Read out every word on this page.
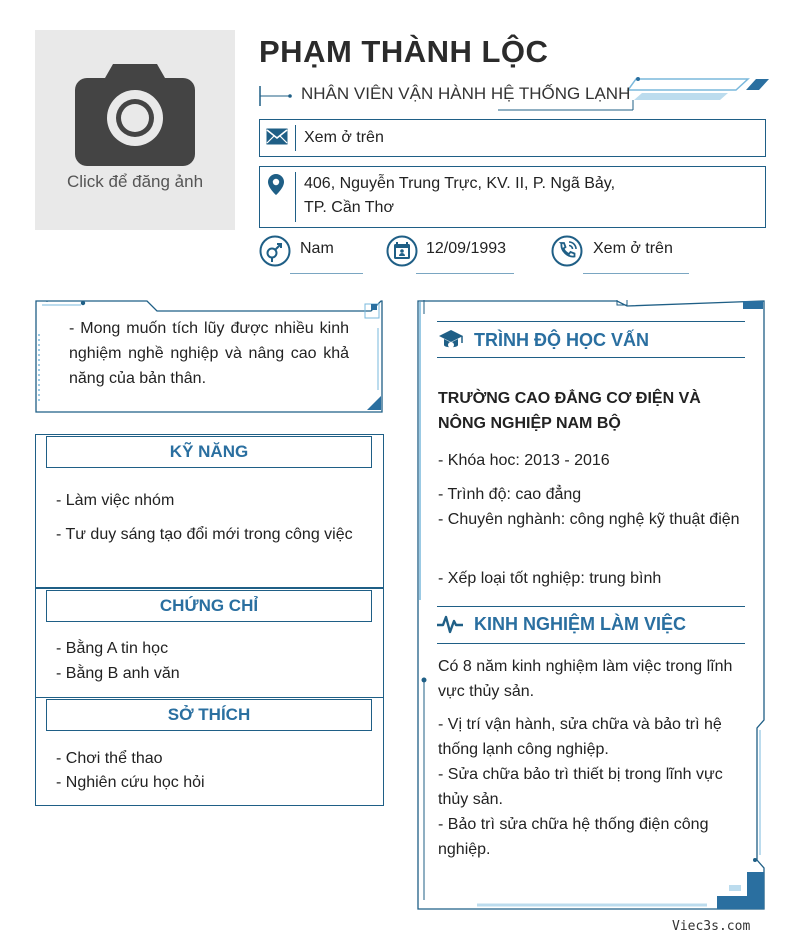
Click để đăng ảnh
PHẠM THÀNH LỘC
NHÂN VIÊN VẬN HÀNH HỆ THỐNG LẠNH
Xem ở trên
406, Nguyễn Trung Trực, KV. II, P. Ngã Bảy,
TP. Cần Thơ
Nam	12/09/1993	Xem ở trên
- Mong muốn tích lũy được nhiều kinh nghiệm nghề nghiệp và nâng cao khả năng của bản thân.
KỸ NĂNG
- Làm việc nhóm
- Tư duy sáng tạo đổi mới trong công việc
CHỨNG CHỈ
- Bằng A tin học
- Bằng B anh văn
SỞ THÍCH
- Chơi thể thao
- Nghiên cứu học hỏi
TRÌNH ĐỘ HỌC VẤN
TRƯỜNG CAO ĐẲNG CƠ ĐIỆN VÀ NÔNG NGHIỆP NAM BỘ
- Khóa hoc: 2013 - 2016
- Trình độ: cao đẳng
- Chuyên nghành: công nghệ kỹ thuật điện
- Xếp loại tốt nghiệp: trung bình
KINH NGHIỆM LÀM VIỆC
Có 8 năm kinh nghiệm làm việc trong lĩnh vực thủy sản.
- Vị trí vận hành, sửa chữa và bảo trì hệ thống lạnh công nghiệp.
- Sửa chữa bảo trì thiết bị trong lĩnh vực thủy sản.
- Bảo trì sửa chữa hệ thống điện công nghiệp.
Viec3s.com
